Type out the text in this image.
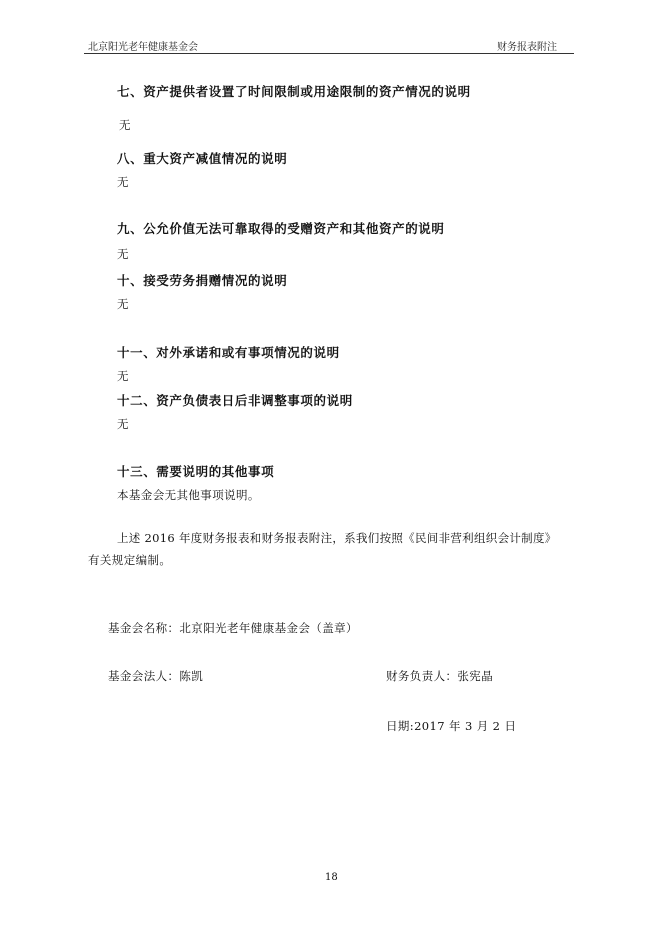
北京阳光老年健康基金会	财务报表附注
七、资产提供者设置了时间限制或用途限制的资产情况的说明
无
八、重大资产减值情况的说明
无
九、公允价值无法可靠取得的受赠资产和其他资产的说明
无
十、接受劳务捐赠情况的说明
无
十一、对外承诺和或有事项情况的说明
无
十二、资产负债表日后非调整事项的说明
无
十三、需要说明的其他事项
本基金会无其他事项说明。
上述 2016 年度财务报表和财务报表附注，系我们按照《民间非营利组织会计制度》
有关规定编制。
基金会名称：北京阳光老年健康基金会（盖章）
基金会法人：陈凯	财务负责人：张宪晶
日期:2017 年 3 月 2 日
18
